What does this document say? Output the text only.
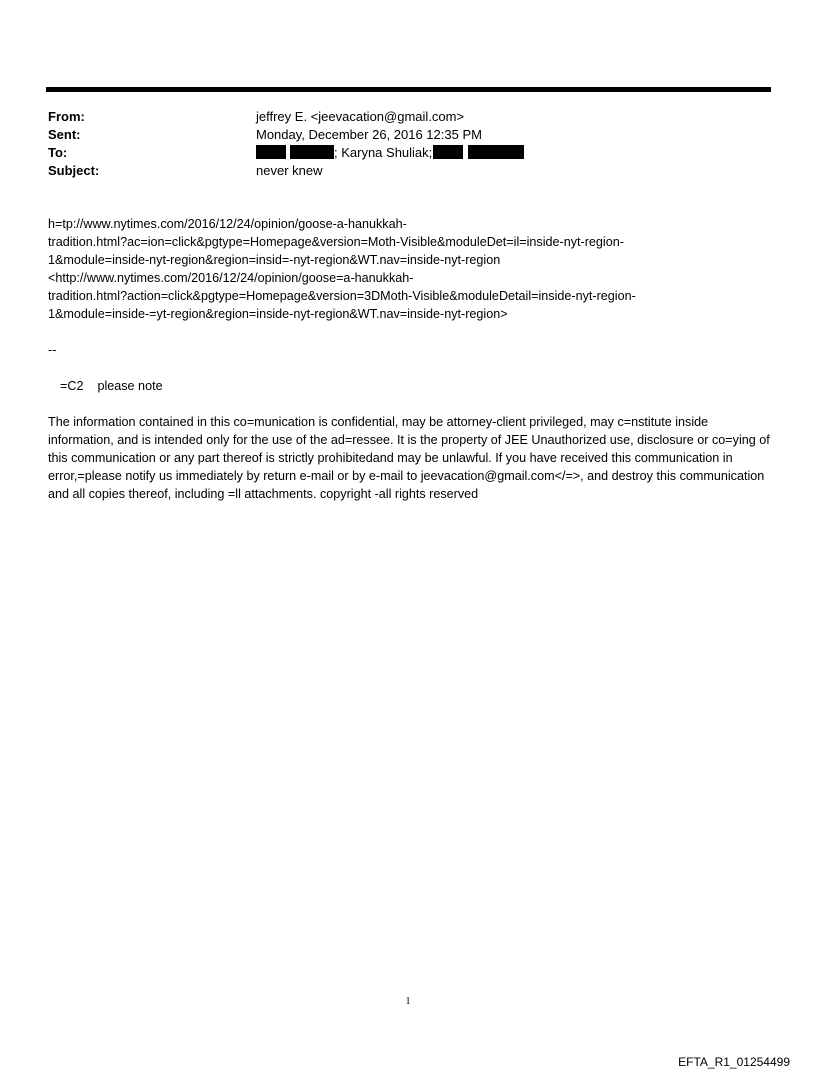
From:	jeffrey E. <jeevacation@gmail.com>
Sent:	Monday, December 26, 2016 12:35 PM
To:	; Karyna Shuliak;
Subject:	never knew
h=tp://www.nytimes.com/2016/12/24/opinion/goose-a-hanukkah-
tradition.html?ac=ion=click&pgtype=Homepage&version=Moth-Visible&moduleDet=il=inside-nyt-region-
1&module=inside-nyt-region&region=insid=-nyt-region&WT.nav=inside-nyt-region
<http://www.nytimes.com/2016/12/24/opinion/goose=a-hanukkah-
tradition.html?action=click&pgtype=Homepage&version=3DMoth-Visible&moduleDetail=inside-nyt-region-
1&module=inside-=yt-region&region=inside-nyt-region&WT.nav=inside-nyt-region>
--
=C2    please note
The information contained in this co=munication is confidential, may be attorney-client privileged, may c=nstitute inside information, and is intended only for the use of the ad=ressee. It is the property of JEE Unauthorized use, disclosure or co=ying of this communication or any part thereof is strictly prohibitedand may be unlawful. If you have received this communication in error,=please notify us immediately by return e-mail or by e-mail to jeevacation@gmail.com</=>, and destroy this communication and all copies thereof, including =ll attachments. copyright -all rights reserved
1
EFTA_R1_01254499
